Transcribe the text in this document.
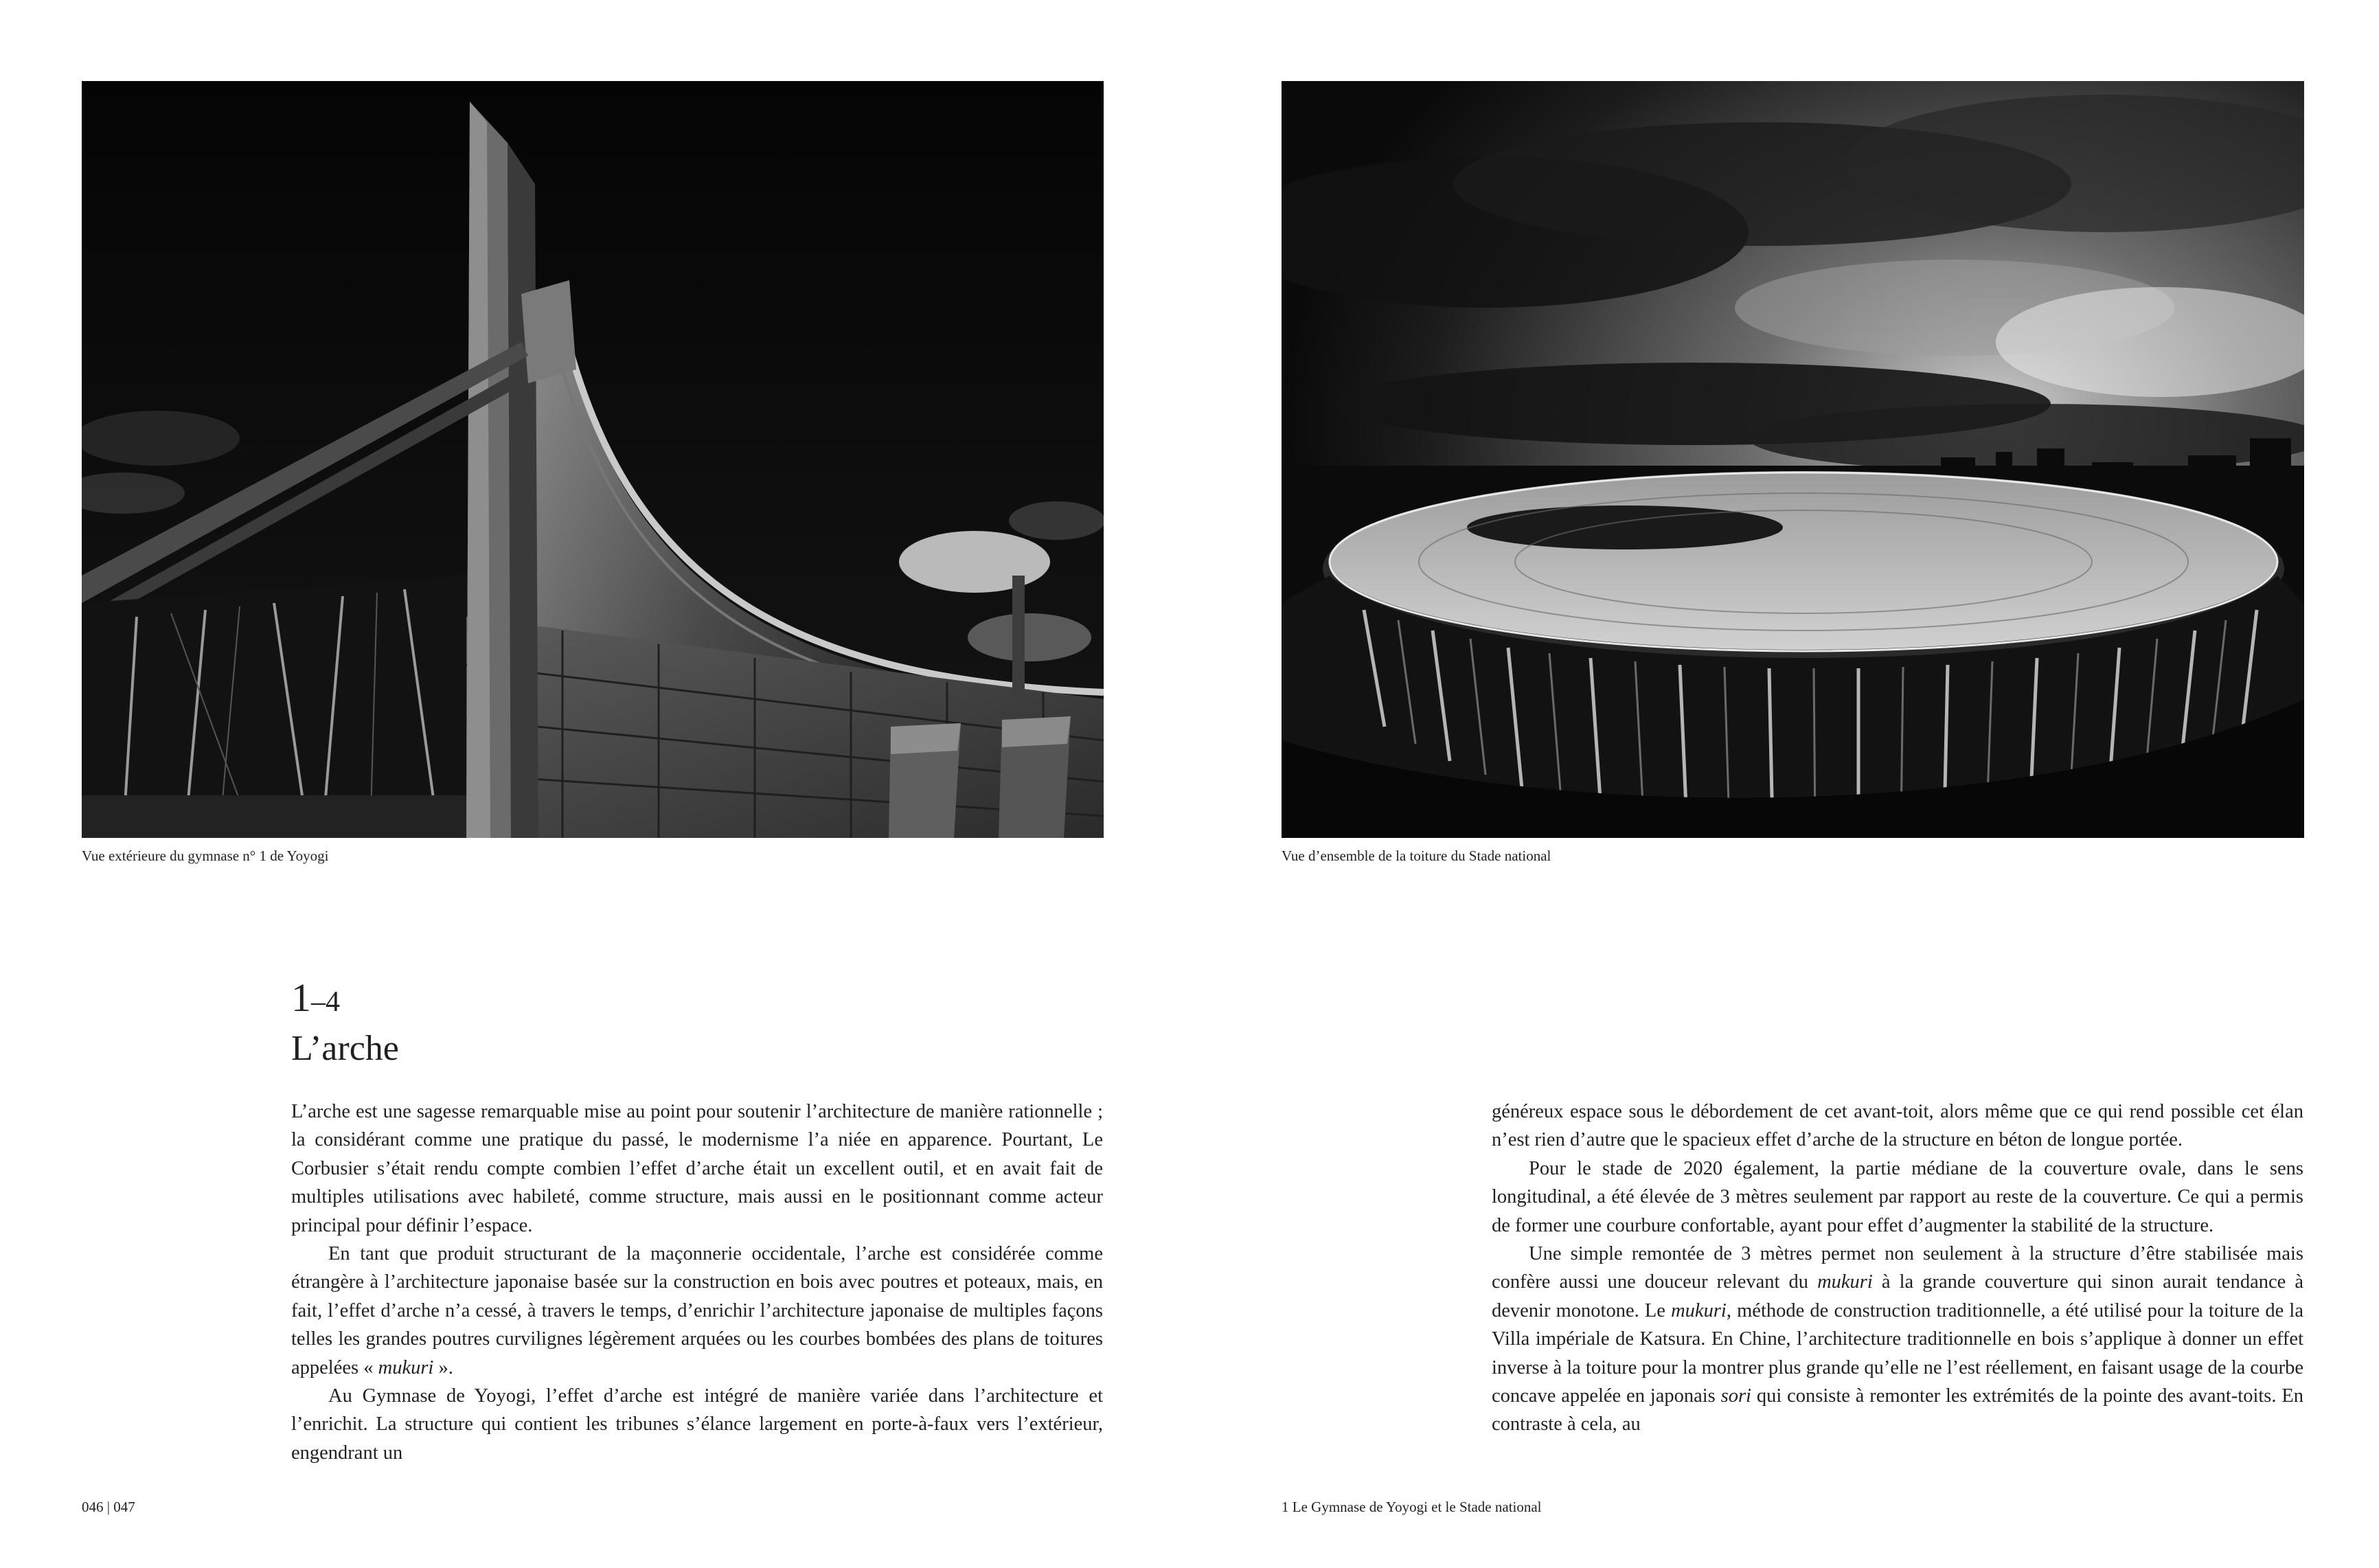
Vue extérieure du gymnase n° 1 de Yoyogi	Vue d’ensemble de la toiture du Stade national
1–4
L’arche

L’arche est une sagesse remarquable mise au point pour soutenir l’architecture de manière rationnelle ; la considérant comme une pratique du passé, le modernisme l’a niée en apparence. Pourtant, Le Corbusier s’était rendu compte combien l’effet d’arche était un excellent outil, et en avait fait de multiples utilisations avec habileté, comme structure, mais aussi en le positionnant comme acteur principal pour définir l’espace.

En tant que produit structurant de la maçonnerie occidentale, l’arche est considérée comme étrangère à l’architecture japonaise basée sur la construction en bois avec poutres et poteaux, mais, en fait, l’effet d’arche n’a cessé, à travers le temps, d’enrichir l’architecture japonaise de multiples façons telles les grandes poutres curvilignes légèrement arquées ou les courbes bombées des plans de toitures appelées « mukuri ».

Au Gymnase de Yoyogi, l’effet d’arche est intégré de manière variée dans l’architecture et l’enrichit. La structure qui contient les tribunes s’élance largement en porte-à-faux vers l’extérieur, engendrant un

généreux espace sous le débordement de cet avant-toit, alors même que ce qui rend possible cet élan n’est rien d’autre que le spacieux effet d’arche de la structure en béton de longue portée.

Pour le stade de 2020 également, la partie médiane de la couverture ovale, dans le sens longitudinal, a été élevée de 3 mètres seulement par rapport au reste de la couverture. Ce qui a permis de former une courbure confortable, ayant pour effet d’augmenter la stabilité de la structure.

Une simple remontée de 3 mètres permet non seulement à la structure d’être stabilisée mais confère aussi une douceur relevant du mukuri à la grande couverture qui sinon aurait tendance à devenir monotone. Le mukuri, méthode de construction traditionnelle, a été utilisé pour la toiture de la Villa impériale de Katsura. En Chine, l’architecture traditionnelle en bois s’applique à donner un effet inverse à la toiture pour la montrer plus grande qu’elle ne l’est réellement, en faisant usage de la courbe concave appelée en japonais sori qui consiste à remonter les extrémités de la pointe des avant-toits. En contraste à cela, au

046 | 047	1 Le Gymnase de Yoyogi et le Stade national
